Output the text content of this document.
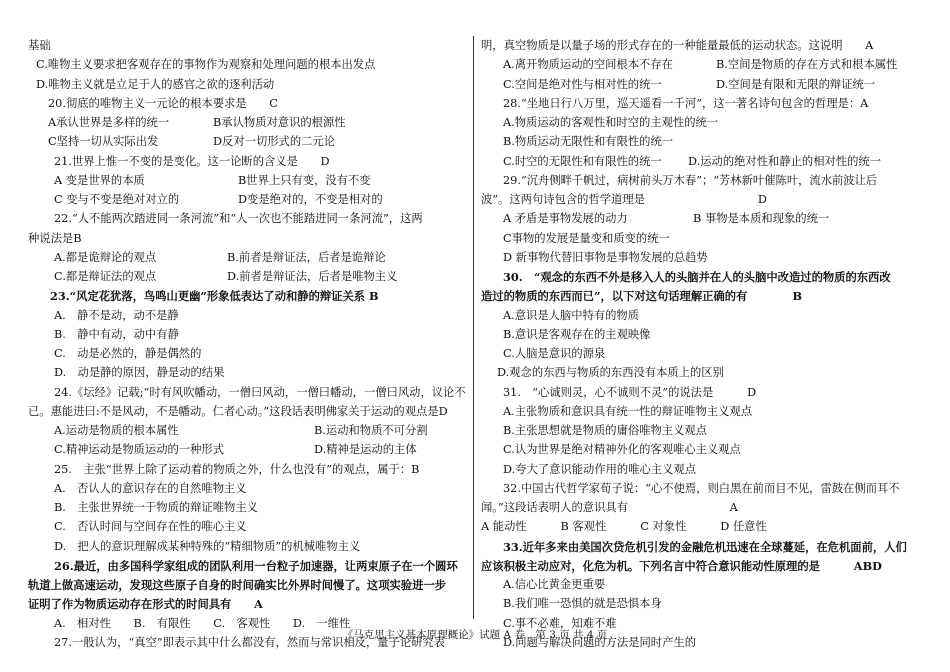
基础
C.唯物主义要求把客观存在的事物作为观察和处理问题的根本出发点
D.唯物主义就是立足于人的感官之欲的逐利活动
20.彻底的唯物主义一元论的根本要求是　　C
A承认世界是多样的统一	B承认物质对意识的根源性
C坚持一切从实际出发	D反对一切形式的二元论
21.世界上惟一不变的是变化。这一论断的含义是　　D
A 变是世界的本质	B世界上只有变，没有不变
C 变与不变是绝对对立的	D变是绝对的，不变是相对的
22.“人不能两次踏进同一条河流”和“人一次也不能踏进同一条河流”，这两
种说法是B
A.都是诡辩论的观点	B.前者是辩证法，后者是诡辩论
C.都是辩证法的观点	D.前者是辩证法，后者是唯物主义
23.“风定花犹落，鸟鸣山更幽”形象低表达了动和静的辩证关系 B
A.　静不是动，动不是静
B.　静中有动，动中有静
C.　动是必然的，静是偶然的
D.　动是静的原因，静是动的结果
24.《坛经》记载;“时有风吹幡动，一僧曰风动，一僧曰幡动，一僧曰风动，议论不
已。惠能进曰:不是风动，不是幡动。仁者心动。”这段话表明佛家关于运动的观点是D
A.运动是物质的根本属性	B.运动和物质不可分割
C.精神运动是物质运动的一种形式	D.精神是运动的主体
25.　主张“世界上除了运动着的物质之外，什么也没有”的观点，属于：B
A.　否认人的意识存在的自然唯物主义
B.　主张世界统一于物质的辩证唯物主义
C.　否认时间与空间存在性的唯心主义
D.　把人的意识理解成某种特殊的“精细物质”的机械唯物主义
26.最近，由多国科学家组成的团队利用一台粒子加速器，让两束原子在一个圆环
轨道上做高速运动，发现这些原子自身的时间确实比外界时间慢了。这项实验进一步
证明了作为物质运动存在形式的时间具有　　A
A.　相对性　　B.　有限性　　C.　客观性　　D.　一维性
27.一般认为，“真空”即表示其中什么都没有，然而与常识相反，量子论研究表
明，真空物质是以量子场的形式存在的一种能量最低的运动状态。这说明　　A
A.离开物质运动的空间根本不存在	B.空间是物质的存在方式和根本属性
C.空间是绝对性与相对性的统一	D.空间是有限和无限的辩证统一
28.“坐地日行八万里，巡天遥看一千河”，这一著名诗句包含的哲理是：A
A.物质运动的客观性和时空的主观性的统一
B.物质运动无限性和有限性的统一
C.时空的无限性和有限性的统一 D.运动的绝对性和静止的相对性的统一
29.“沉舟侧畔千帆过，病树前头万木春”；“芳林新叶催陈叶，流水前波让后
波”。这两句诗包含的哲学道理是　　　　　　　　　　D
A 矛盾是事物发展的动力	B 事物是本质和现象的统一
C事物的发展是量变和质变的统一
D 新事物代替旧事物是事物发展的总趋势
30.　“观念的东西不外是移入人的头脑并在人的头脑中改造过的物质的东西改
造过的物质的东西而已”，以下对这句话理解正确的有　　　　B
A.意识是人脑中特有的物质
B.意识是客观存在的主观映像
C.人脑是意识的源泉
D.观念的东西与物质的东西没有本质上的区别
31.　“心诚则灵，心不诚则不灵”的说法是　　　D
A.主张物质和意识具有统一性的辩证唯物主义观点
B.主张思想就是物质的庸俗唯物主义观点
C.认为世界是绝对精神外化的客观唯心主义观点
D.夸大了意识能动作用的唯心主义观点
32.中国古代哲学家荀子说：“心不使焉，则白黑在前而目不见，雷鼓在侧而耳不
闻。”这段话表明人的意识具有　　　　　　　　　A
A 能动性　　　B 客观性　　　C 对象性　　　D 任意性
33.近年多来由美国次贷危机引发的金融危机迅速在全球蔓延，在危机面前，人们
应该积极主动应对，化危为机。下列名言中符合意识能动性原理的是　　　ABD
A.信心比黄金更重要
B.我们唯一恐惧的就是恐惧本身
C.事不必难，知难不难
D.问题与解决问题的方法是同时产生的
《马克思主义基本原理概论》试题 A 卷　第 3 页 共 4 页
